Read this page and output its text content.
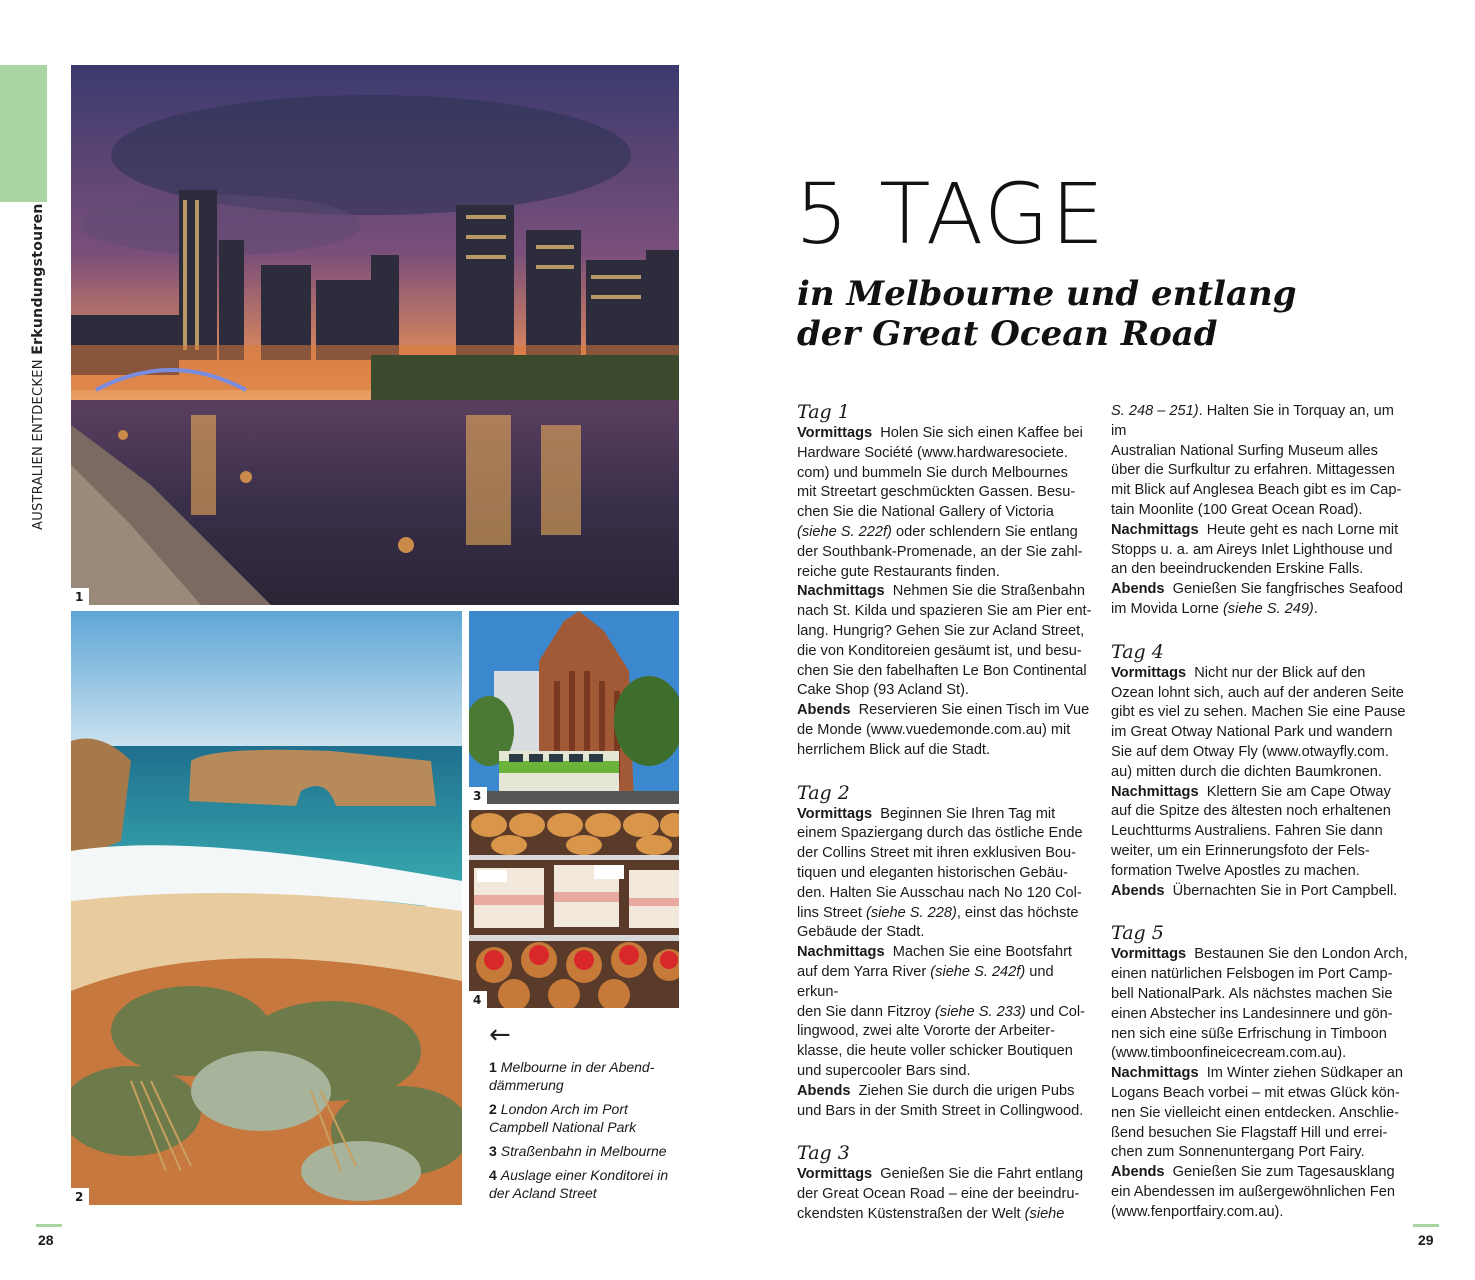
AUSTRALIEN ENTDECKEN Erkundungstouren
1
2
3
4
←
1 Melbourne in der Abend-
dämmerung
2 London Arch im Port
Campbell National Park
3 Straßenbahn in Melbourne
4 Auslage einer Konditorei in
der Acland Street
5 TAGE
in Melbourne und entlang
der Great Ocean Road
Tag 1

Vormittags Holen Sie sich einen Kaffee bei
Hardware Société (www.hardwaresociete.
com) und bummeln Sie durch Melbournes
mit Streetart geschmückten Gassen. Besu-
chen Sie die National Gallery of Victoria
(siehe S. 222f) oder schlendern Sie entlang
der Southbank-Promenade, an der Sie zahl-
reiche gute Restaurants finden.

Nachmittags Nehmen Sie die Straßenbahn
nach St. Kilda und spazieren Sie am Pier ent-
lang. Hungrig? Gehen Sie zur Acland Street,
die von Konditoreien gesäumt ist, und besu-
chen Sie den fabelhaften Le Bon Continental
Cake Shop (93 Acland St).

Abends Reservieren Sie einen Tisch im Vue
de Monde (www.vuedemonde.com.au) mit
herrlichem Blick auf die Stadt.

Tag 2

Vormittags Beginnen Sie Ihren Tag mit
einem Spaziergang durch das östliche Ende
der Collins Street mit ihren exklusiven Bou-
tiquen und eleganten historischen Gebäu-
den. Halten Sie Ausschau nach No 120 Col-
lins Street (siehe S. 228), einst das höchste
Gebäude der Stadt.

Nachmittags Machen Sie eine Bootsfahrt
auf dem Yarra River (siehe S. 242f) und erkun-
den Sie dann Fitzroy (siehe S. 233) und Col-
lingwood, zwei alte Vororte der Arbeiter-
klasse, die heute voller schicker Boutiquen
und supercooler Bars sind.

Abends Ziehen Sie durch die urigen Pubs
und Bars in der Smith Street in Collingwood.

Tag 3

Vormittags Genießen Sie die Fahrt entlang
der Great Ocean Road – eine der beeindru-
ckendsten Küstenstraßen der Welt (siehe

S. 248 – 251). Halten Sie in Torquay an, um im
Australian National Surfing Museum alles
über die Surfkultur zu erfahren. Mittagessen
mit Blick auf Anglesea Beach gibt es im Cap-
tain Moonlite (100 Great Ocean Road).

Nachmittags Heute geht es nach Lorne mit
Stopps u. a. am Aireys Inlet Lighthouse und
an den beeindruckenden Erskine Falls.

Abends Genießen Sie fangfrisches Seafood
im Movida Lorne (siehe S. 249).

Tag 4

Vormittags Nicht nur der Blick auf den
Ozean lohnt sich, auch auf der anderen Seite
gibt es viel zu sehen. Machen Sie eine Pause
im Great Otway National Park und wandern
Sie auf dem Otway Fly (www.otwayfly.com.
au) mitten durch die dichten Baumkronen.

Nachmittags Klettern Sie am Cape Otway
auf die Spitze des ältesten noch erhaltenen
Leuchtturms Australiens. Fahren Sie dann
weiter, um ein Erinnerungsfoto der Fels-
formation Twelve Apostles zu machen.

Abends Übernachten Sie in Port Campbell.

Tag 5

Vormittags Bestaunen Sie den London Arch,
einen natürlichen Felsbogen im Port Camp-
bell NationalPark. Als nächstes machen Sie
einen Abstecher ins Landesinnere und gön-
nen sich eine süße Erfrischung in Timboon
(www.timboonfineicecream.com.au).

Nachmittags Im Winter ziehen Südkaper an
Logans Beach vorbei – mit etwas Glück kön-
nen Sie vielleicht einen entdecken. Anschlie-
ßend besuchen Sie Flagstaff Hill und errei-
chen zum Sonnenuntergang Port Fairy.

Abends Genießen Sie zum Tagesausklang
ein Abendessen im außergewöhnlichen Fen
(www.fenportfairy.com.au).

28	29
